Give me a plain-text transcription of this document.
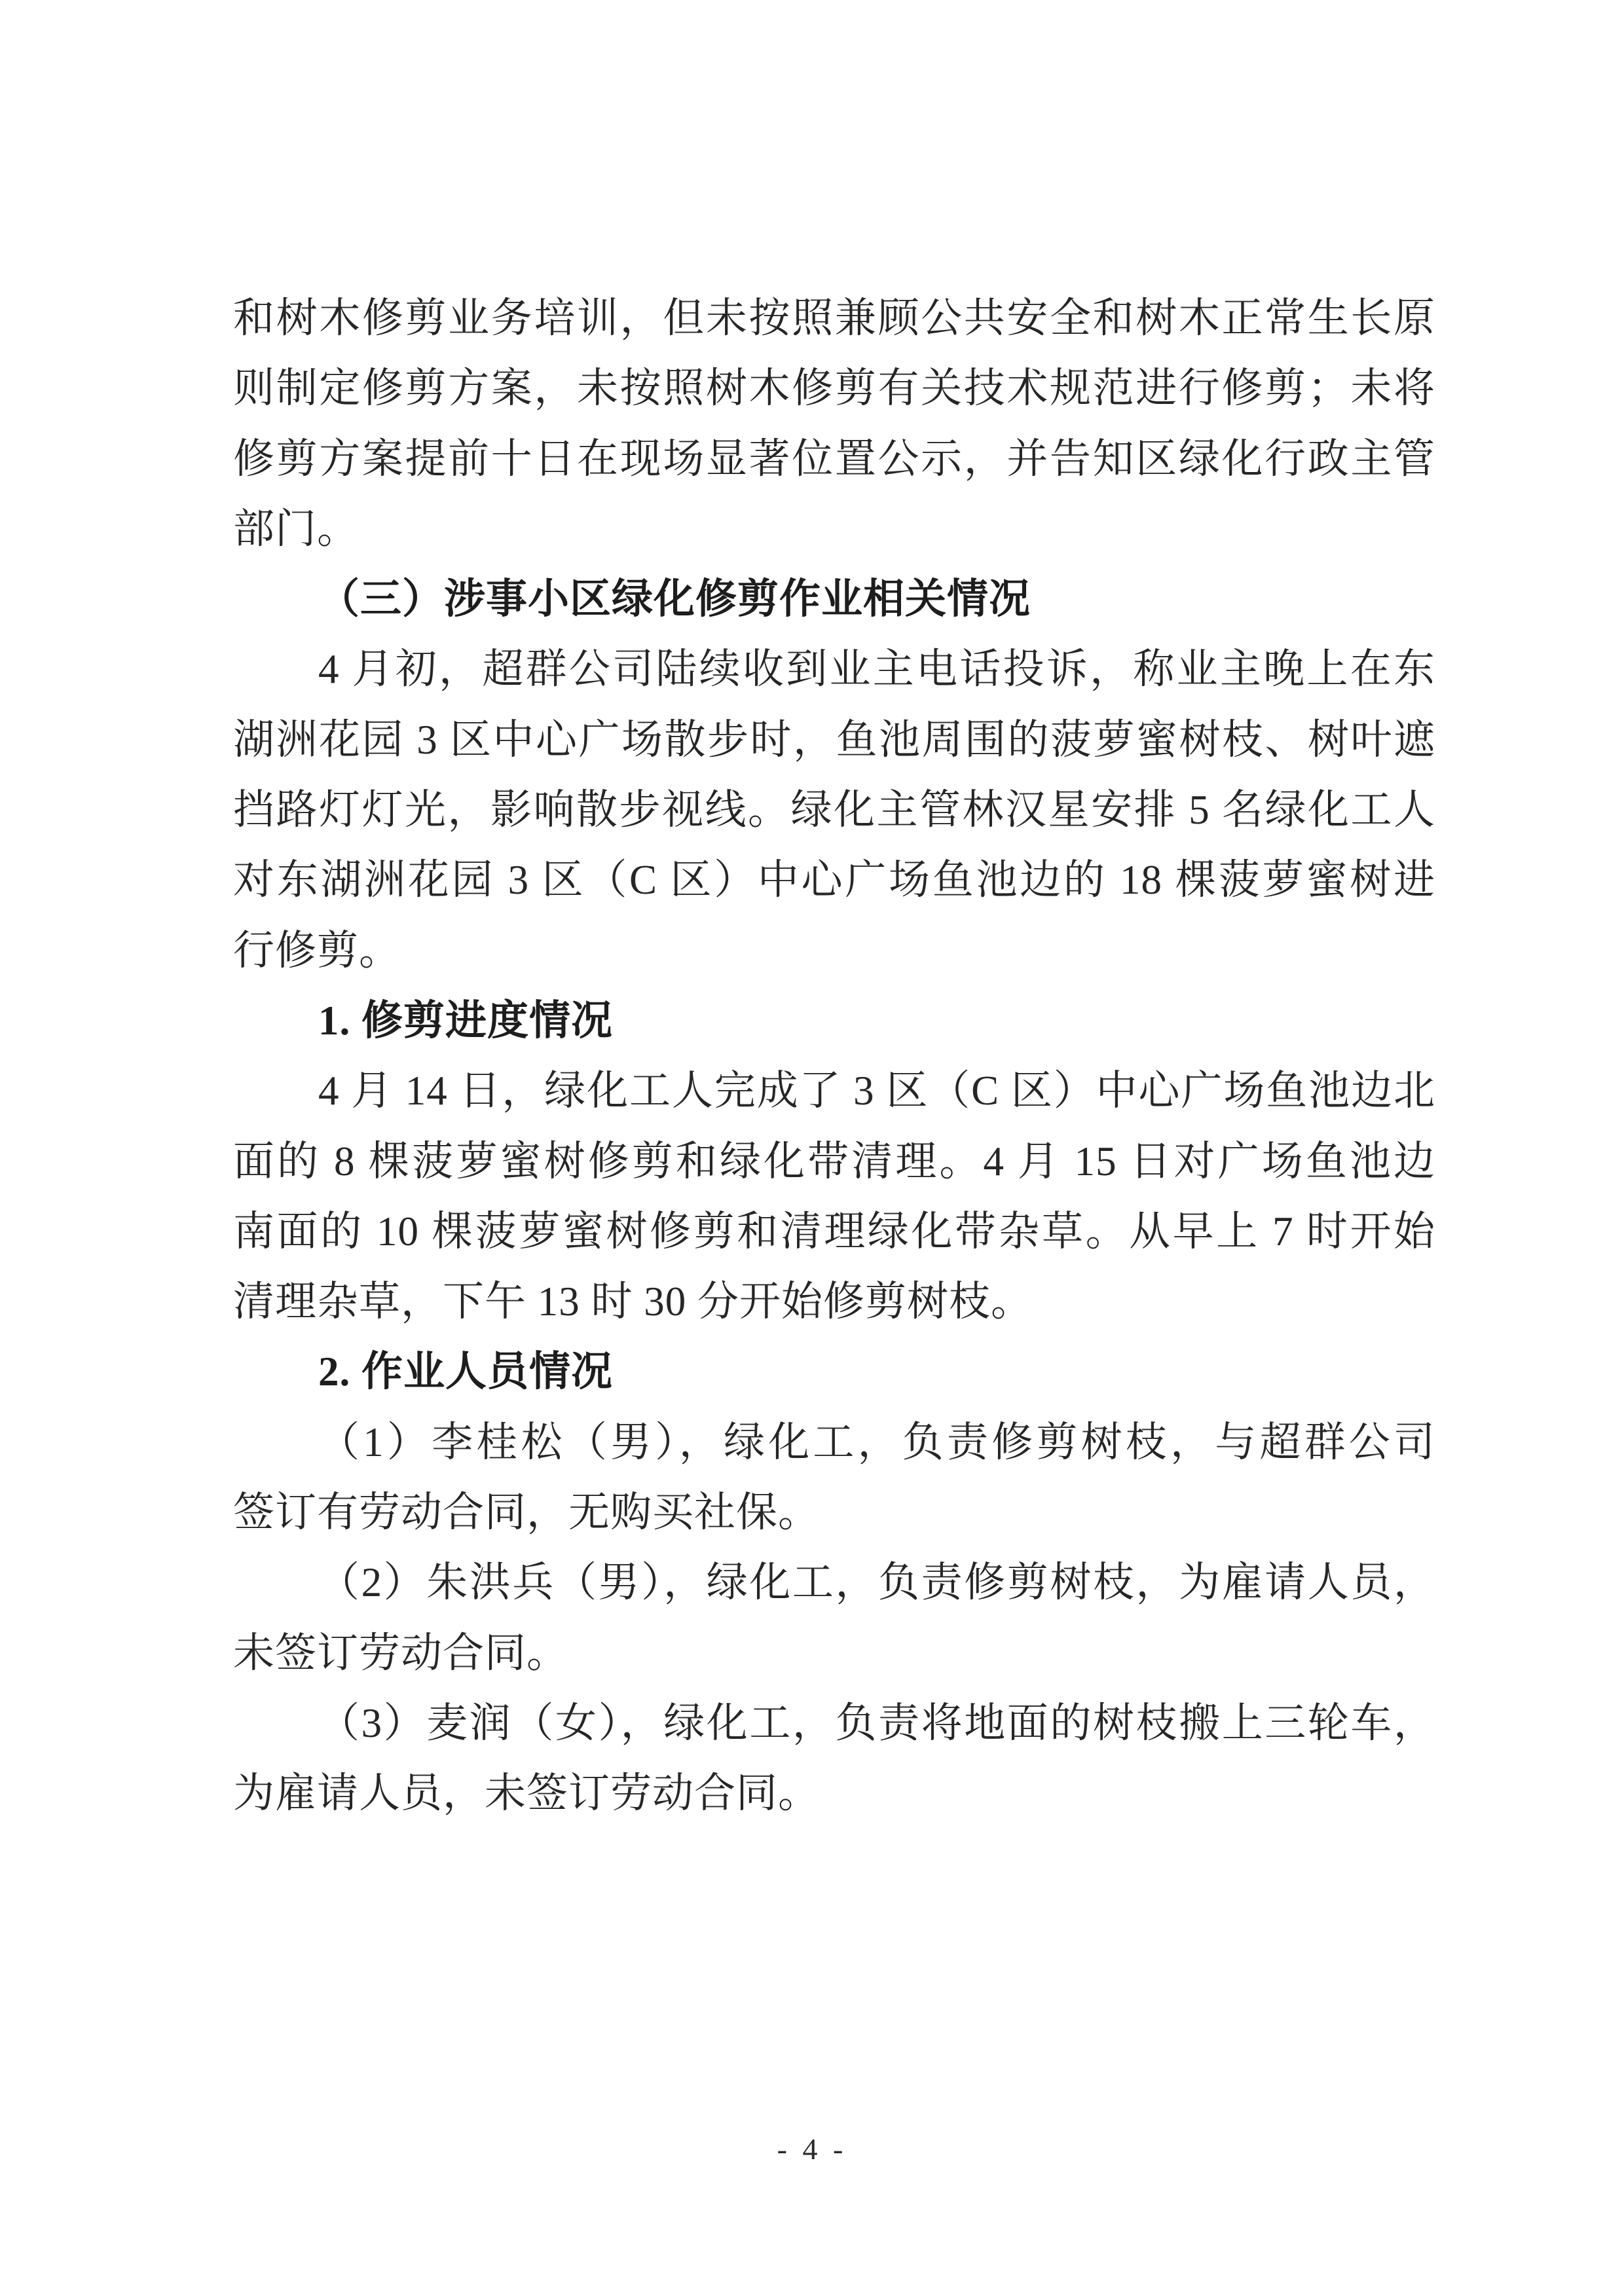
和树木修剪业务培训，但未按照兼顾公共安全和树木正常生长原
则制定修剪方案，未按照树木修剪有关技术规范进行修剪；未将
修剪方案提前十日在现场显著位置公示，并告知区绿化行政主管
部门。
（三）涉事小区绿化修剪作业相关情况
4 月初，超群公司陆续收到业主电话投诉，称业主晚上在东
湖洲花园 3 区中心广场散步时，鱼池周围的菠萝蜜树枝、树叶遮
挡路灯灯光，影响散步视线。绿化主管林汉星安排 5 名绿化工人
对东湖洲花园 3 区（C 区）中心广场鱼池边的 18 棵菠萝蜜树进
行修剪。
1. 修剪进度情况
4 月 14 日，绿化工人完成了 3 区（C 区）中心广场鱼池边北
面的 8 棵菠萝蜜树修剪和绿化带清理。4 月 15 日对广场鱼池边
南面的 10 棵菠萝蜜树修剪和清理绿化带杂草。从早上 7 时开始
清理杂草，下午 13 时 30 分开始修剪树枝。
2. 作业人员情况
（1）李桂松（男），绿化工，负责修剪树枝，与超群公司
签订有劳动合同，无购买社保。
（2）朱洪兵（男），绿化工，负责修剪树枝，为雇请人员，
未签订劳动合同。
（3）麦润（女），绿化工，负责将地面的树枝搬上三轮车，
为雇请人员，未签订劳动合同。
- 4 -
